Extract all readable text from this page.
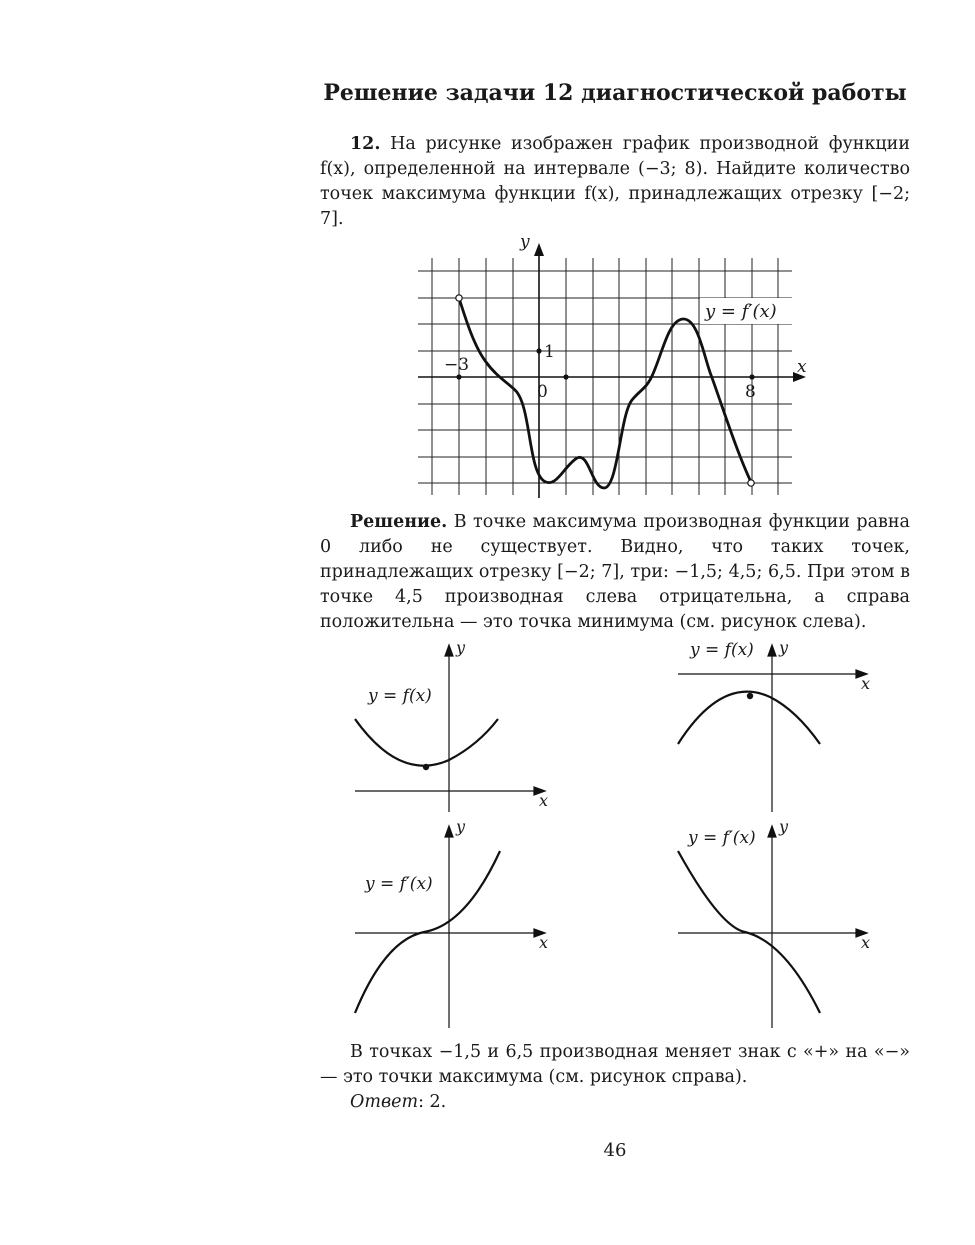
Решение задачи 12 диагностической работы
12. На рисунке изображен график производной функции f(x), определенной на интервале (−3; 8). Найдите количество точек максимума функции f(x), принадлежащих отрезку [−2; 7].
y
x
y = f′(x)
−3
1
0	8
Решение. В точке максимума производная функции равна 0 либо не существует. Видно, что таких точек, принадлежащих отрезку [−2; 7], три: −1,5; 4,5; 6,5. При этом в точке 4,5 производная слева отрицательна, а справа положительна — это точка минимума (см. рисунок слева).
y = f(x)
y
x
y = f(x) y
x
y = f′(x)
y
x
y = f′(x)
y
x
В точках −1,5 и 6,5 производная меняет знак с «+» на «−» — это точки максимума (см. рисунок справа).
Ответ: 2.
46
